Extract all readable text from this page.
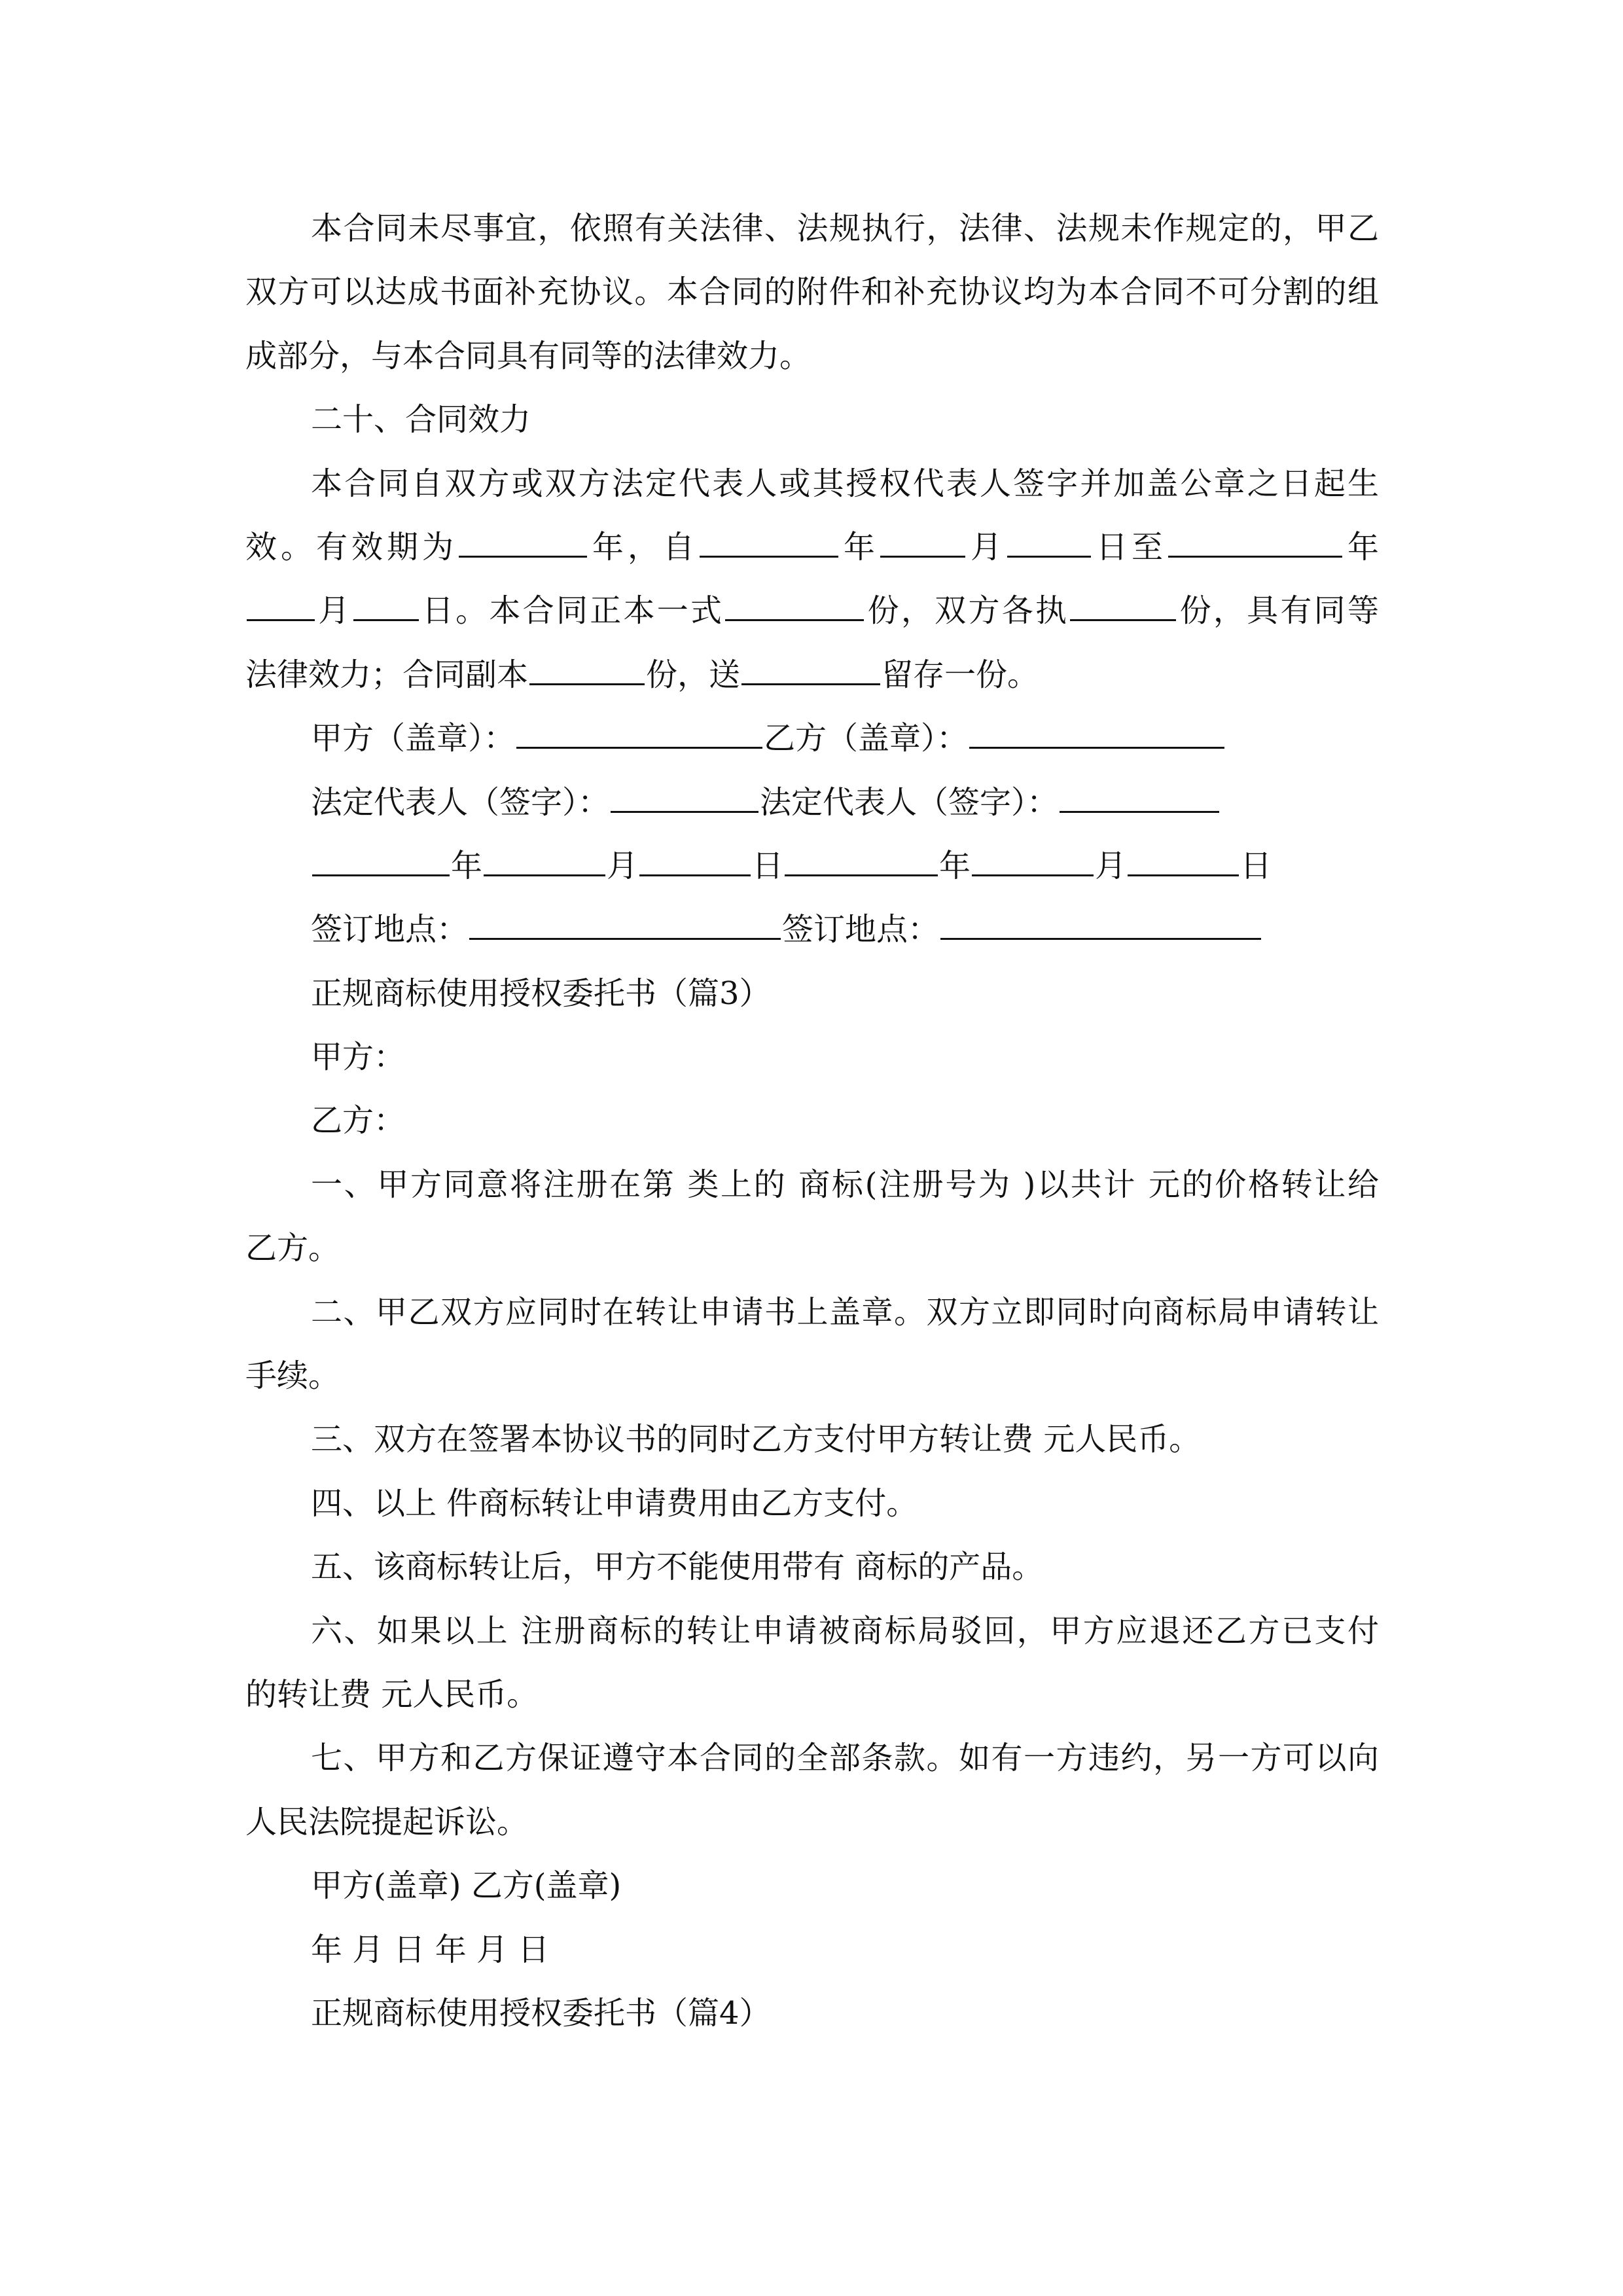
本合同未尽事宜，依照有关法律、法规执行，法律、法规未作规定的，甲乙
双方可以达成书面补充协议。本合同的附件和补充协议均为本合同不可分割的组
成部分，与本合同具有同等的法律效力。
二十、合同效力
本合同自双方或双方法定代表人或其授权代表人签字并加盖公章之日起生
效。有效期为	年，自	年	月	日至	年
月 日。本合同正本一式	份，双方各执	份，具有同等
法律效力；合同副本	份，送	留存一份。
甲方（盖章）：	乙方（盖章）：
法定代表人（签字）：	法定代表人（签字）：
年	月	日	年	月	日
签订地点：	签订地点：
正规商标使用授权委托书（篇3）
甲方：
乙方：
一、甲方同意将注册在第 类上的 商标(注册号为 )以共计 元的价格转让给
乙方。
二、甲乙双方应同时在转让申请书上盖章。双方立即同时向商标局申请转让
手续。
三、双方在签署本协议书的同时乙方支付甲方转让费 元人民币。
四、以上 件商标转让申请费用由乙方支付。
五、该商标转让后，甲方不能使用带有 商标的产品。
六、如果以上 注册商标的转让申请被商标局驳回，甲方应退还乙方已支付
的转让费 元人民币。
七、甲方和乙方保证遵守本合同的全部条款。如有一方违约，另一方可以向
人民法院提起诉讼。
甲方(盖章) 乙方(盖章)
年 月 日 年 月 日
正规商标使用授权委托书（篇4）
